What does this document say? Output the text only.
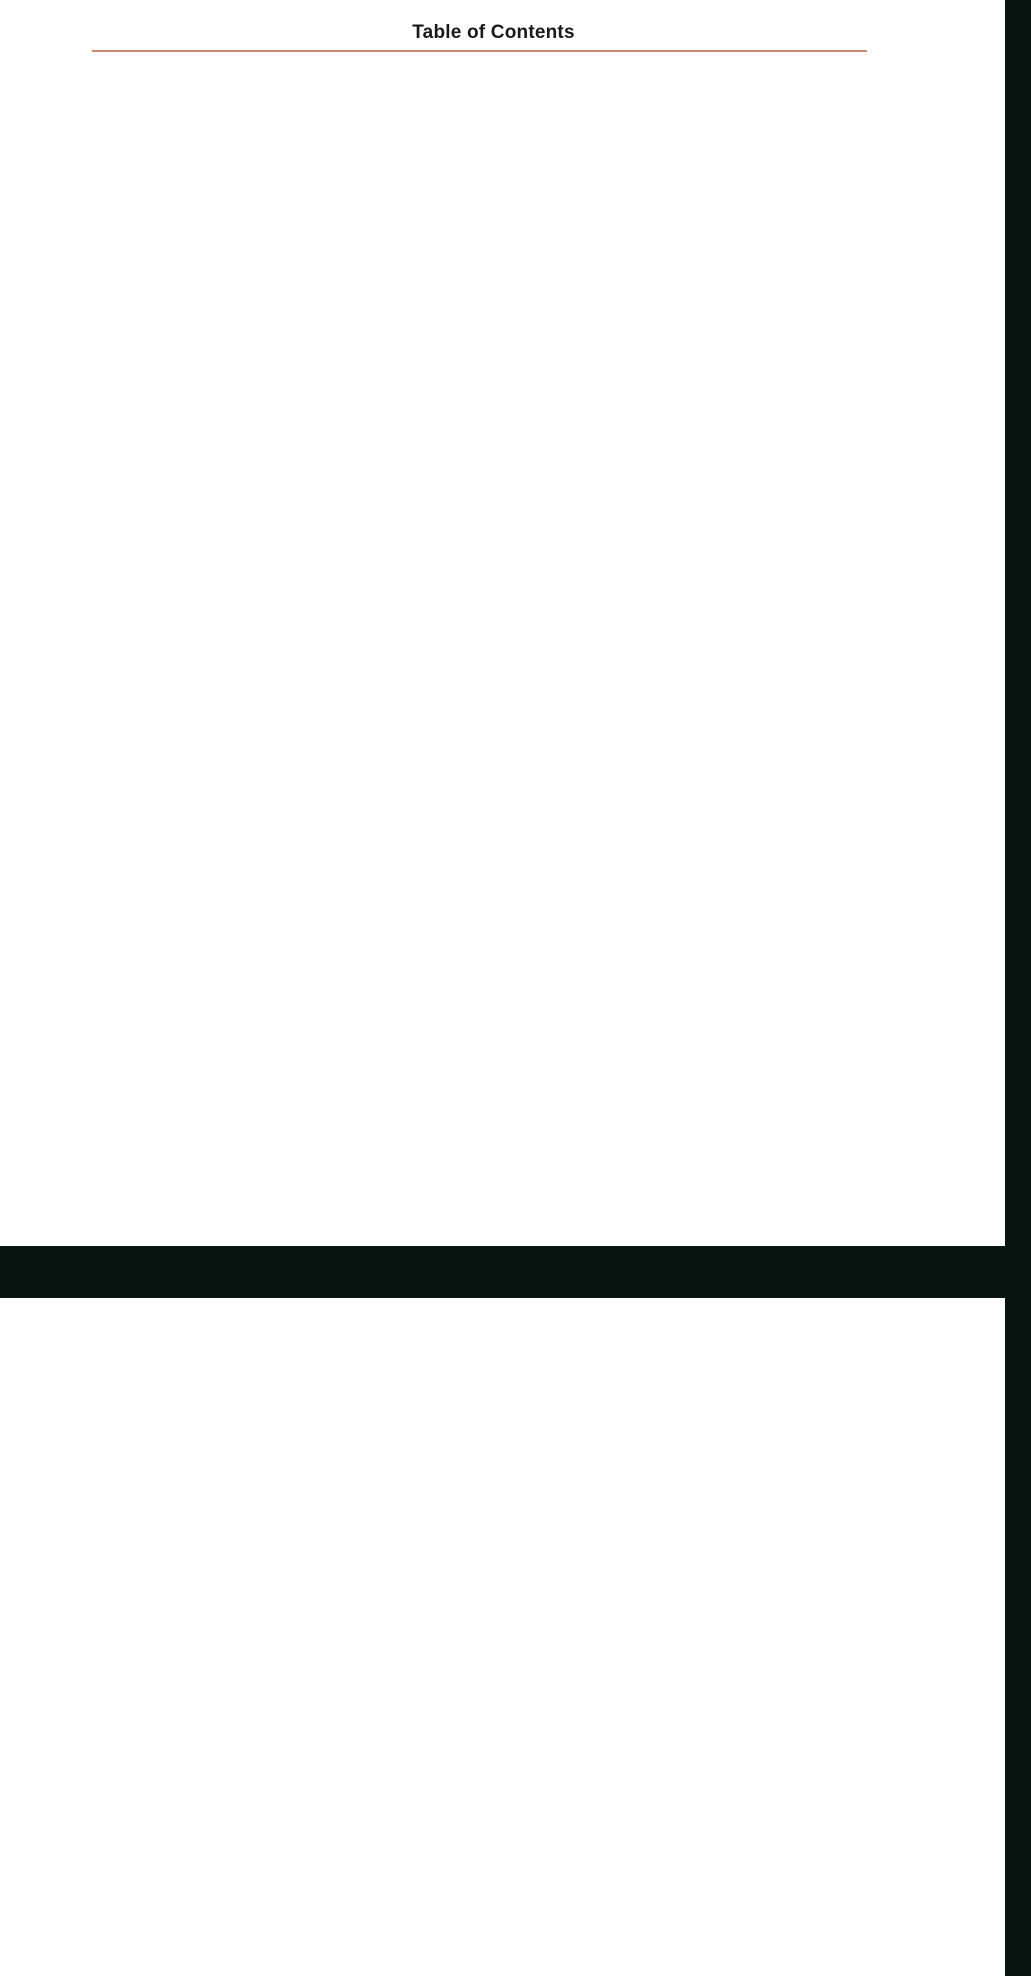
Table of Contents
